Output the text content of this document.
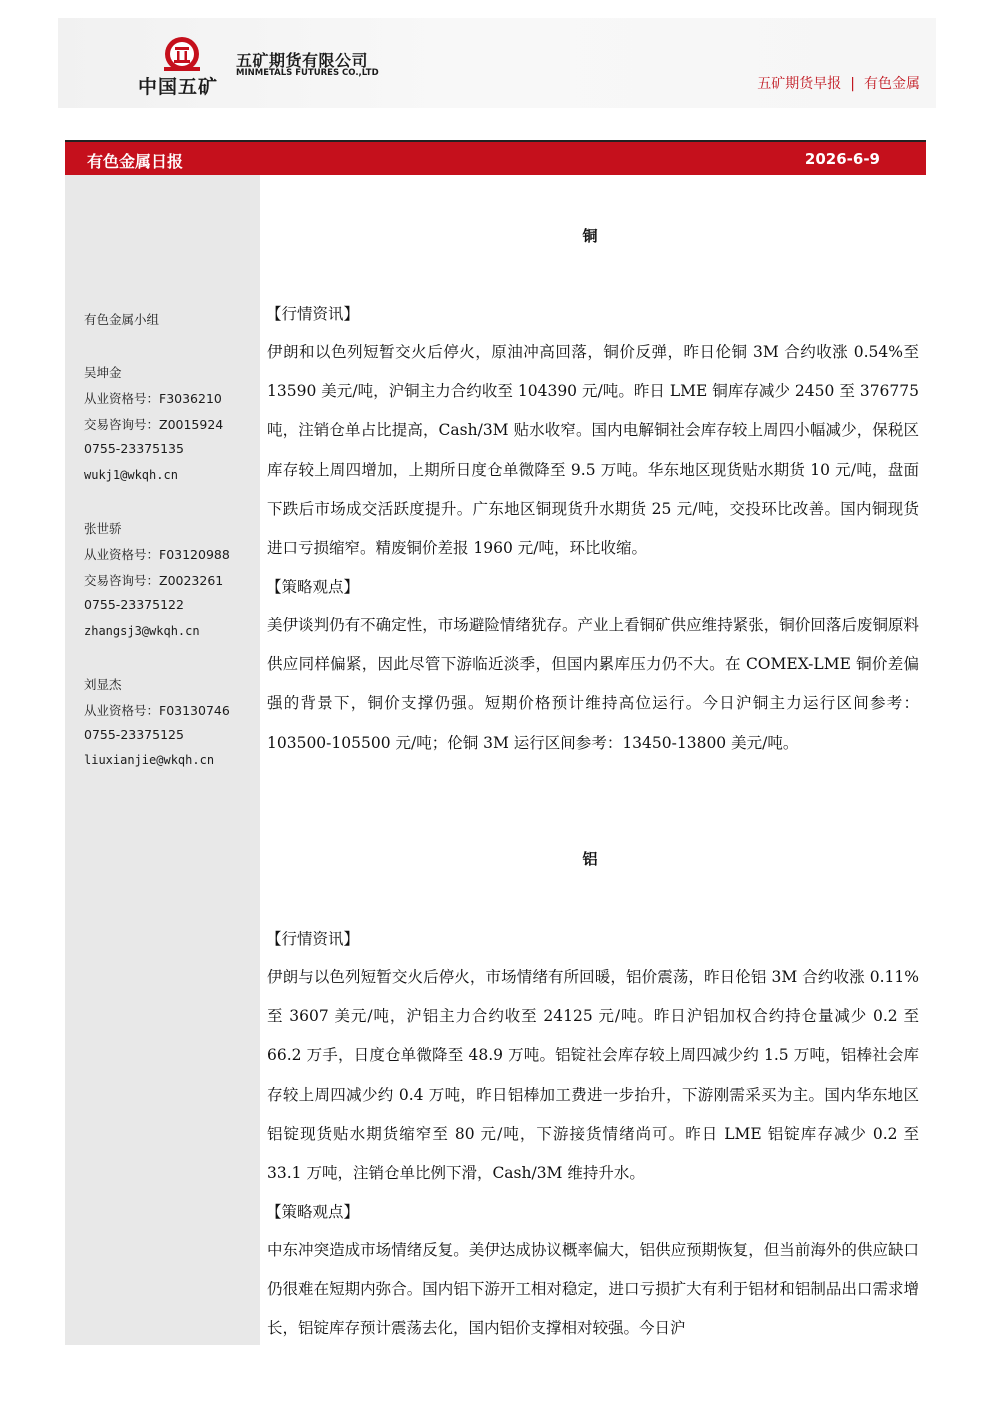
中国五矿
五矿期货有限公司
MINMETALS FUTURES CO.,LTD
五矿期货早报 | 有色金属
有色金属日报	2026-6-9
有色金属小组
吴坤金
从业资格号：F3036210
交易咨询号：Z0015924
0755-23375135
wukj1@wkqh.cn
张世骄
从业资格号：F03120988
交易咨询号：Z0023261
0755-23375122
zhangsj3@wkqh.cn
刘显杰
从业资格号：F03130746
0755-23375125
liuxianjie@wkqh.cn
铜
【行情资讯】

伊朗和以色列短暂交火后停火，原油冲高回落，铜价反弹，昨日伦铜 3M 合约收涨 0.54%至 13590 美元/吨，沪铜主力合约收至 104390 元/吨。昨日 LME 铜库存减少 2450 至 376775 吨，注销仓单占比提高，Cash/3M 贴水收窄。国内电解铜社会库存较上周四小幅减少，保税区库存较上周四增加，上期所日度仓单微降至 9.5 万吨。华东地区现货贴水期货 10 元/吨，盘面下跌后市场成交活跃度提升。广东地区铜现货升水期货 25 元/吨，交投环比改善。国内铜现货进口亏损缩窄。精废铜价差报 1960 元/吨，环比收缩。

【策略观点】

美伊谈判仍有不确定性，市场避险情绪犹存。产业上看铜矿供应维持紧张，铜价回落后废铜原料供应同样偏紧，因此尽管下游临近淡季，但国内累库压力仍不大。在 COMEX-LME 铜价差偏强的背景下，铜价支撑仍强。短期价格预计维持高位运行。今日沪铜主力运行区间参考：103500-105500 元/吨；伦铜 3M 运行区间参考：13450-13800 美元/吨。

铝
【行情资讯】

伊朗与以色列短暂交火后停火，市场情绪有所回暖，铝价震荡，昨日伦铝 3M 合约收涨 0.11%至 3607 美元/吨，沪铝主力合约收至 24125 元/吨。昨日沪铝加权合约持仓量减少 0.2 至 66.2 万手，日度仓单微降至 48.9 万吨。铝锭社会库存较上周四减少约 1.5 万吨，铝棒社会库存较上周四减少约 0.4 万吨，昨日铝棒加工费进一步抬升，下游刚需采买为主。国内华东地区铝锭现货贴水期货缩窄至 80 元/吨，下游接货情绪尚可。昨日 LME 铝锭库存减少 0.2 至 33.1 万吨，注销仓单比例下滑，Cash/3M 维持升水。

【策略观点】

中东冲突造成市场情绪反复。美伊达成协议概率偏大，铝供应预期恢复，但当前海外的供应缺口仍很难在短期内弥合。国内铝下游开工相对稳定，进口亏损扩大有利于铝材和铝制品出口需求增长，铝锭库存预计震荡去化，国内铝价支撑相对较强。今日沪
